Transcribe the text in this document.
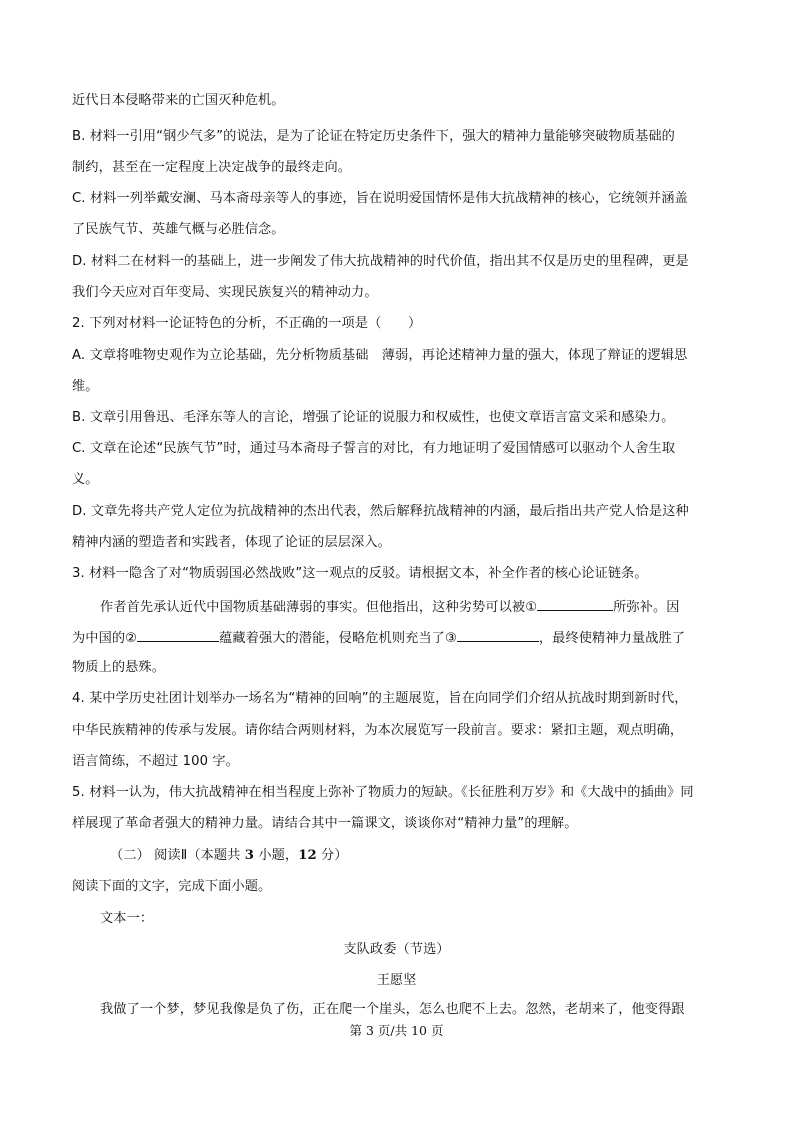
近代日本侵略带来的亡国灭种危机。
B. 材料一引用“钢少气多”的说法，是为了论证在特定历史条件下，强大的精神力量能够突破物质基础的
制约，甚至在一定程度上决定战争的最终走向。
C. 材料一列举戴安澜、马本斋母亲等人的事迹，旨在说明爱国情怀是伟大抗战精神的核心，它统领并涵盖
了民族气节、英雄气概与必胜信念。
D. 材料二在材料一的基础上，进一步阐发了伟大抗战精神的时代价值，指出其不仅是历史的里程碑，更是
我们今天应对百年变局、实现民族复兴的精神动力。
2. 下列对材料一论证特色的分析，不正确的一项是（　　）
A. 文章将唯物史观作为立论基础，先分析物质基础　薄弱，再论述精神力量的强大，体现了辩证的逻辑思
维。
B. 文章引用鲁迅、毛泽东等人的言论，增强了论证的说服力和权威性，也使文章语言富文采和感染力。
C. 文章在论述“民族气节”时，通过马本斋母子誓言的对比，有力地证明了爱国情感可以驱动个人舍生取
义。
D. 文章先将共产党人定位为抗战精神的杰出代表，然后解释抗战精神的内涵，最后指出共产党人恰是这种
精神内涵的塑造者和实践者，体现了论证的层层深入。
3. 材料一隐含了对“物质弱国必然战败”这一观点的反驳。请根据文本，补全作者的核心论证链条。
作者首先承认近代中国物质基础薄弱的事实。但他指出，这种劣势可以被①	所弥补。因
为中国的②	蕴藏着强大的潜能，侵略危机则充当了③	，最终使精神力量战胜了
物质上的悬殊。
4. 某中学历史社团计划举办一场名为“精神的回响”的主题展览，旨在向同学们介绍从抗战时期到新时代，
中华民族精神的传承与发展。请你结合两则材料，为本次展览写一段前言。要求：紧扣主题，观点明确，
语言简练，不超过 100 字。
5. 材料一认为，伟大抗战精神在相当程度上弥补了物质力的短缺。《长征胜利万岁》和《大战中的插曲》同
样展现了革命者强大的精神力量。请结合其中一篇课文，谈谈你对“精神力量”的理解。
（二） 阅读Ⅱ（本题共 3 小题，12 分）
阅读下面的文字，完成下面小题。
文本一：
支队政委（节选）
王愿坚
我做了一个梦，梦见我像是负了伤，正在爬一个崖头，怎么也爬不上去。忽然，老胡来了，他变得跟
第 3 页/共 10 页
